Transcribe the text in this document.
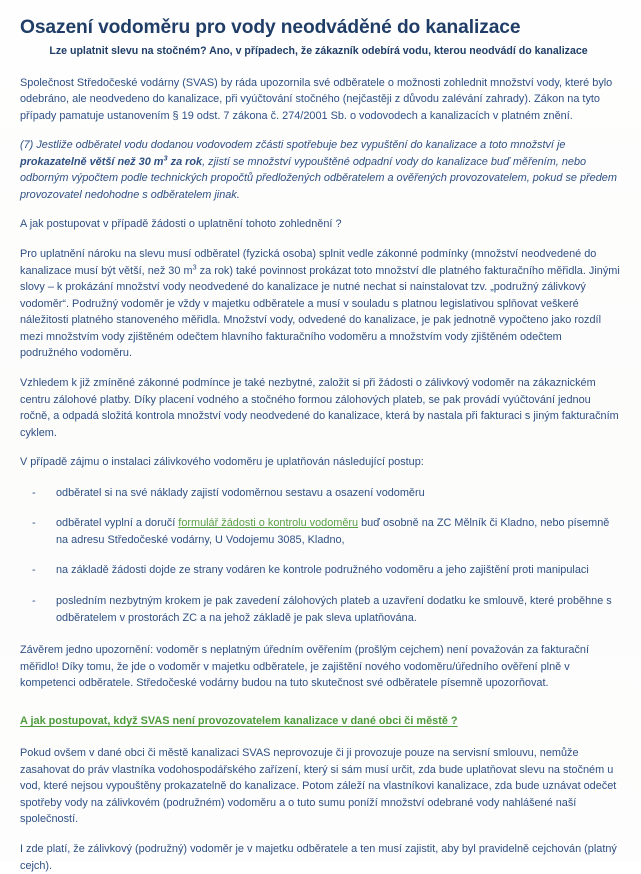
Osazení vodoměru pro vody neodváděné do kanalizace

Lze uplatnit slevu na stočném? Ano, v případech, že zákazník odebírá vodu, kterou neodvádí do kanalizace

Společnost Středočeské vodárny (SVAS) by ráda upozornila své odběratele o možnosti zohlednit množství vody, které bylo odebráno, ale neodvedeno do kanalizace, při vyúčtování stočného (nejčastěji z důvodu zalévání zahrady). Zákon na tyto případy pamatuje ustanovením § 19 odst. 7 zákona č. 274/2001 Sb. o vodovodech a kanalizacích v platném znění.

(7) Jestliže odběratel vodu dodanou vodovodem zčásti spotřebuje bez vypuštění do kanalizace a toto množství je prokazatelně větší než 30 $m^3$ za rok, zjistí se množství vypouštěné odpadní vody do kanalizace buď měřením, nebo odborným výpočtem podle technických propočtů předložených odběratelem a ověřených provozovatelem, pokud se předem provozovatel nedohodne s odběratelem jinak.

A jak postupovat v případě žádosti o uplatnění tohoto zohlednění ?

Pro uplatnění nároku na slevu musí odběratel (fyzická osoba) splnit vedle zákonné podmínky (množství neodvedené do kanalizace musí být větší, než 30 $m^3$ za rok) také povinnost prokázat toto množství dle platného fakturačního měřidla. Jinými slovy – k prokázání množství vody neodvedené do kanalizace je nutné nechat si nainstalovat tzv. „podružný zálivkový vodoměr“. Podružný vodoměr je vždy v majetku odběratele a musí v souladu s platnou legislativou splňovat veškeré náležitosti platného stanoveného měřidla. Množství vody, odvedené do kanalizace, je pak jednotně vypočteno jako rozdíl mezi množstvím vody zjištěném odečtem hlavního fakturačního vodoměru a množstvím vody zjištěném odečtem podružného vodoměru.

Vzhledem k již zmíněné zákonné podmínce je také nezbytné, založit si při žádosti o zálivkový vodoměr na zákaznickém centru zálohové platby. Díky placení vodného a stočného formou zálohových plateb, se pak provádí vyúčtování jednou ročně, a odpadá složitá kontrola množství vody neodvedené do kanalizace, která by nastala při fakturaci s jiným fakturačním cyklem.

V případě zájmu o instalaci zálivkového vodoměru je uplatňován následující postup:

-	odběratel si na své náklady zajistí vodoměrnou sestavu a osazení vodoměru
-	odběratel vyplní a doručí formulář žádosti o kontrolu vodoměru buď osobně na ZC Mělník či Kladno, nebo písemně na adresu Středočeské vodárny, U Vodojemu 3085, Kladno,
-	na základě žádosti dojde ze strany vodáren ke kontrole podružného vodoměru a jeho zajištění proti manipulaci
-	posledním nezbytným krokem je pak zavedení zálohových plateb a uzavření dodatku ke smlouvě, které proběhne s odběratelem v prostorách ZC a na jehož základě je pak sleva uplatňována.

Závěrem jedno upozornění: vodoměr s neplatným úředním ověřením (prošlým cejchem) není považován za fakturační měřidlo! Díky tomu, že jde o vodoměr v majetku odběratele, je zajištění nového vodoměru/úředního ověření plně v kompetenci odběratele. Středočeské vodárny budou na tuto skutečnost své odběratele písemně upozorňovat.

A jak postupovat, když SVAS není provozovatelem kanalizace v dané obci či městě ?

Pokud ovšem v dané obci či městě kanalizaci SVAS neprovozuje či ji provozuje pouze na servisní smlouvu, nemůže zasahovat do práv vlastníka vodohospodářského zařízení, který si sám musí určit, zda bude uplatňovat slevu na stočném u vod, které nejsou vypouštěny prokazatelně do kanalizace. Potom záleží na vlastníkovi kanalizace, zda bude uznávat odečet spotřeby vody na zálivkovém (podružném) vodoměru a o tuto sumu poníží množství odebrané vody nahlášené naší společností.

I zde platí, že zálivkový (podružný) vodoměr je v majetku odběratele a ten musí zajistit, aby byl pravidelně cejchován (platný cejch).
